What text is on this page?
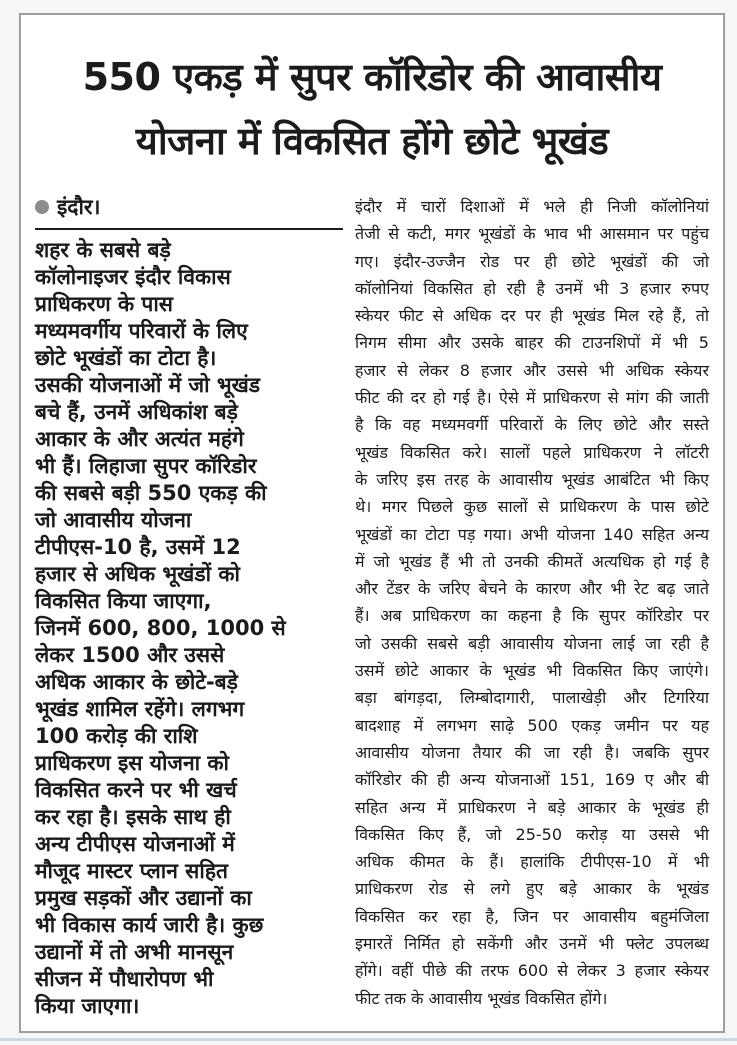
550 एकड़ में सुपर कॉरिडोर की आवासीय
योजना में विकसित होंगे छोटे भूखंड
इंदौर।
शहर के सबसे बड़े
कॉलोनाइजर इंदौर विकास
प्राधिकरण के पास
मध्यमवर्गीय परिवारों के लिए
छोटे भूखंडों का टोटा है।
उसकी योजनाओं में जो भूखंड
बचे हैं, उनमें अधिकांश बड़े
आकार के और अत्यंत महंगे
भी हैं। लिहाजा सुपर कॉरिडोर
की सबसे बड़ी 550 एकड़ की
जो आवासीय योजना
टीपीएस-10 है, उसमें 12
हजार से अधिक भूखंडों को
विकसित किया जाएगा,
जिनमें 600, 800, 1000 से
लेकर 1500 और उससे
अधिक आकार के छोटे-बड़े
भूखंड शामिल रहेंगे। लगभग
100 करोड़ की राशि
प्राधिकरण इस योजना को
विकसित करने पर भी खर्च
कर रहा है। इसके साथ ही
अन्य टीपीएस योजनाओं में
मौजूद मास्टर प्लान सहित
प्रमुख सड़कों और उद्यानों का
भी विकास कार्य जारी है। कुछ
उद्यानों में तो अभी मानसून
सीजन में पौधारोपण भी
किया जाएगा।
इंदौर में चारों दिशाओं में भले ही निजी कॉलोनियां
तेजी से कटी, मगर भूखंडों के भाव भी आसमान पर पहुंच
गए। इंदौर-उज्जैन रोड पर ही छोटे भूखंडों की जो
कॉलोनियां विकसित हो रही है उनमें भी 3 हजार रुपए
स्केयर फीट से अधिक दर पर ही भूखंड मिल रहे हैं, तो
निगम सीमा और उसके बाहर की टाउनशिपों में भी 5
हजार से लेकर 8 हजार और उससे भी अधिक स्केयर
फीट की दर हो गई है। ऐसे में प्राधिकरण से मांग की जाती
है कि वह मध्यमवर्गी परिवारों के लिए छोटे और सस्ते
भूखंड विकसित करे। सालों पहले प्राधिकरण ने लॉटरी
के जरिए इस तरह के आवासीय भूखंड आबंटित भी किए
थे। मगर पिछले कुछ सालों से प्राधिकरण के पास छोटे
भूखंडों का टोटा पड़ गया। अभी योजना 140 सहित अन्य
में जो भूखंड हैं भी तो उनकी कीमतें अत्यधिक हो गई है
और टेंडर के जरिए बेचने के कारण और भी रेट बढ़ जाते
हैं। अब प्राधिकरण का कहना है कि सुपर कॉरिडोर पर
जो उसकी सबसे बड़ी आवासीय योजना लाई जा रही है
उसमें छोटे आकार के भूखंड भी विकसित किए जाएंगे।
बड़ा बांगड़दा, लिम्बोदागारी, पालाखेड़ी और टिगरिया
बादशाह में लगभग साढ़े 500 एकड़ जमीन पर यह
आवासीय योजना तैयार की जा रही है। जबकि सुपर
कॉरिडोर की ही अन्य योजनाओं 151, 169 ए और बी
सहित अन्य में प्राधिकरण ने बड़े आकार के भूखंड ही
विकसित किए हैं, जो 25-50 करोड़ या उससे भी
अधिक कीमत के हैं। हालांकि टीपीएस-10 में भी
प्राधिकरण रोड से लगे हुए बड़े आकार के भूखंड
विकसित कर रहा है, जिन पर आवासीय बहुमंजिला
इमारतें निर्मित हो सकेंगी और उनमें भी फ्लेट उपलब्ध
होंगे। वहीं पीछे की तरफ 600 से लेकर 3 हजार स्केयर
फीट तक के आवासीय भूखंड विकसित होंगे।
